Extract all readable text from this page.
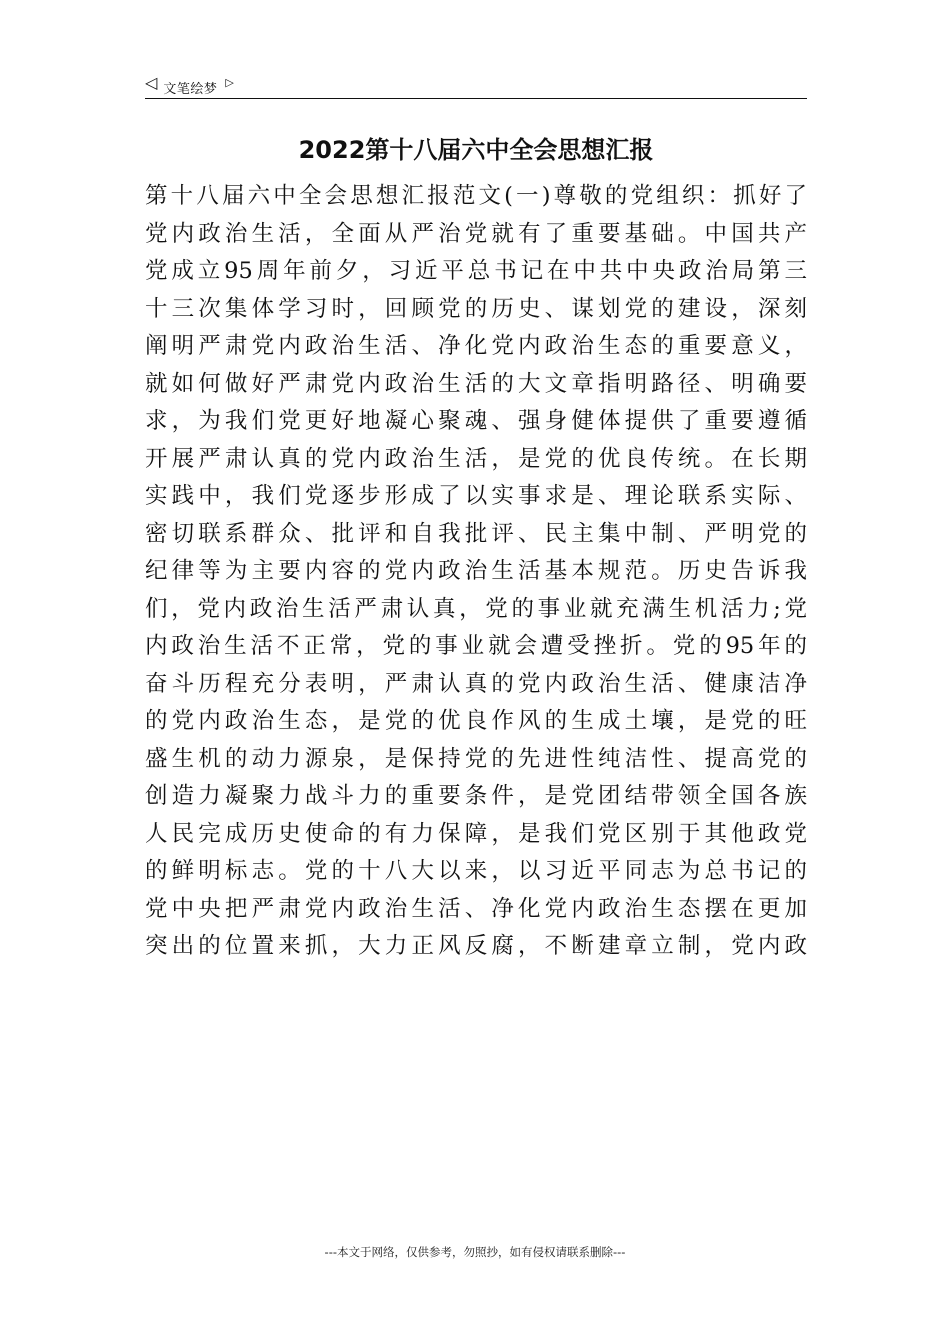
◁ 文笔绘梦 ▷
2022第十八届六中全会思想汇报
第十八届六中全会思想汇报范文(一)尊敬的党组织：抓好了
党内政治生活，全面从严治党就有了重要基础。中国共产
党成立95周年前夕，习近平总书记在中共中央政治局第三
十三次集体学习时，回顾党的历史、谋划党的建设，深刻
阐明严肃党内政治生活、净化党内政治生态的重要意义，
就如何做好严肃党内政治生活的大文章指明路径、明确要
求，为我们党更好地凝心聚魂、强身健体提供了重要遵循
开展严肃认真的党内政治生活，是党的优良传统。在长期
实践中，我们党逐步形成了以实事求是、理论联系实际、
密切联系群众、批评和自我批评、民主集中制、严明党的
纪律等为主要内容的党内政治生活基本规范。历史告诉我
们，党内政治生活严肃认真，党的事业就充满生机活力;党
内政治生活不正常，党的事业就会遭受挫折。党的95年的
奋斗历程充分表明，严肃认真的党内政治生活、健康洁净
的党内政治生态，是党的优良作风的生成土壤，是党的旺
盛生机的动力源泉，是保持党的先进性纯洁性、提高党的
创造力凝聚力战斗力的重要条件，是党团结带领全国各族
人民完成历史使命的有力保障，是我们党区别于其他政党
的鲜明标志。党的十八大以来，以习近平同志为总书记的
党中央把严肃党内政治生活、净化党内政治生态摆在更加
突出的位置来抓，大力正风反腐，不断建章立制，党内政
---本文于网络，仅供参考，勿照抄，如有侵权请联系删除---
